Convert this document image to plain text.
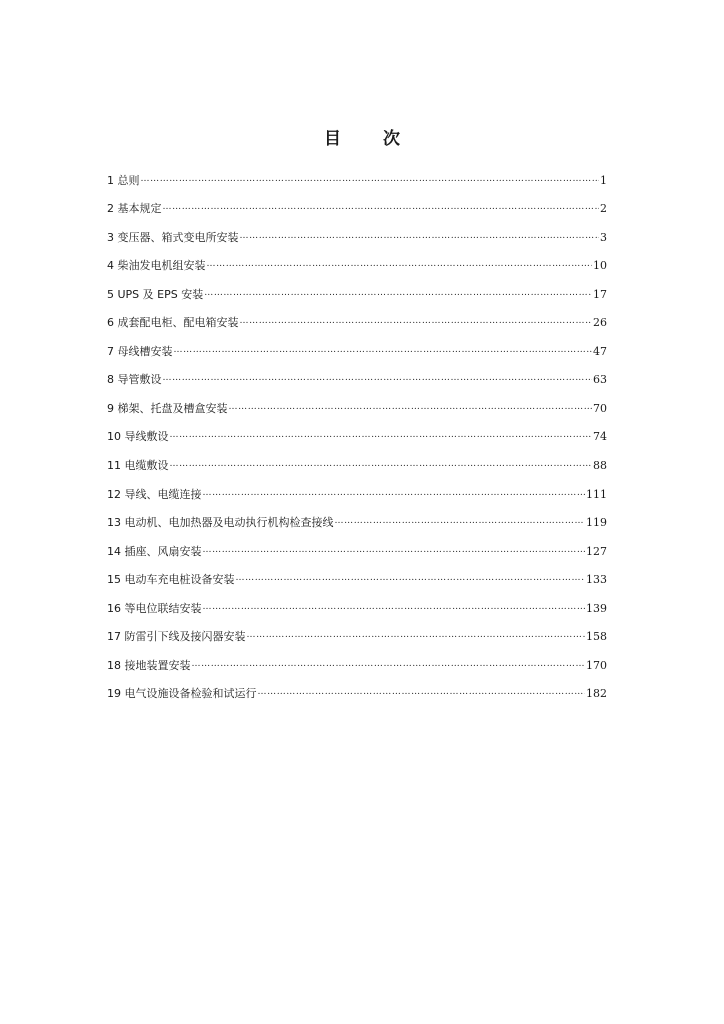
目 次
1 总则 ……………………………………………………………………………………………………………………………………………………………………………………………………………………………………………………………………	1
2 基本规定 ……………………………………………………………………………………………………………………………………………………………………………………………………………………………………………………………………	2
3 变压器、箱式变电所安装 ……………………………………………………………………………………………………………………………………………………………………………………………………………………………………………………………………	3
4 柴油发电机组安装 ……………………………………………………………………………………………………………………………………………………………………………………………………………………………………………………………………	10
5 UPS 及 EPS 安装 ……………………………………………………………………………………………………………………………………………………………………………………………………………………………………………………………………	17
6 成套配电柜、配电箱安装 ……………………………………………………………………………………………………………………………………………………………………………………………………………………………………………………………………	26
7 母线槽安装 ……………………………………………………………………………………………………………………………………………………………………………………………………………………………………………………………………	47
8 导管敷设 ……………………………………………………………………………………………………………………………………………………………………………………………………………………………………………………………………	63
9 梯架、托盘及槽盒安装 ……………………………………………………………………………………………………………………………………………………………………………………………………………………………………………………………………	70
10 导线敷设 ……………………………………………………………………………………………………………………………………………………………………………………………………………………………………………………………………	74
11 电缆敷设 ……………………………………………………………………………………………………………………………………………………………………………………………………………………………………………………………………	88
12 导线、电缆连接 ……………………………………………………………………………………………………………………………………………………………………………………………………………………………………………………………………	111
13 电动机、电加热器及电动执行机构检查接线 ……………………………………………………………………………………………………………………………………………………………………………………………………………………………………………………………………	119
14 插座、风扇安装 ……………………………………………………………………………………………………………………………………………………………………………………………………………………………………………………………………	127
15 电动车充电桩设备安装 ……………………………………………………………………………………………………………………………………………………………………………………………………………………………………………………………………	133
16 等电位联结安装 ……………………………………………………………………………………………………………………………………………………………………………………………………………………………………………………………………	139
17 防雷引下线及接闪器安装 ……………………………………………………………………………………………………………………………………………………………………………………………………………………………………………………………………	158
18 接地装置安装 ……………………………………………………………………………………………………………………………………………………………………………………………………………………………………………………………………	170
19 电气设施设备检验和试运行 ……………………………………………………………………………………………………………………………………………………………………………………………………………………………………………………………………	182
